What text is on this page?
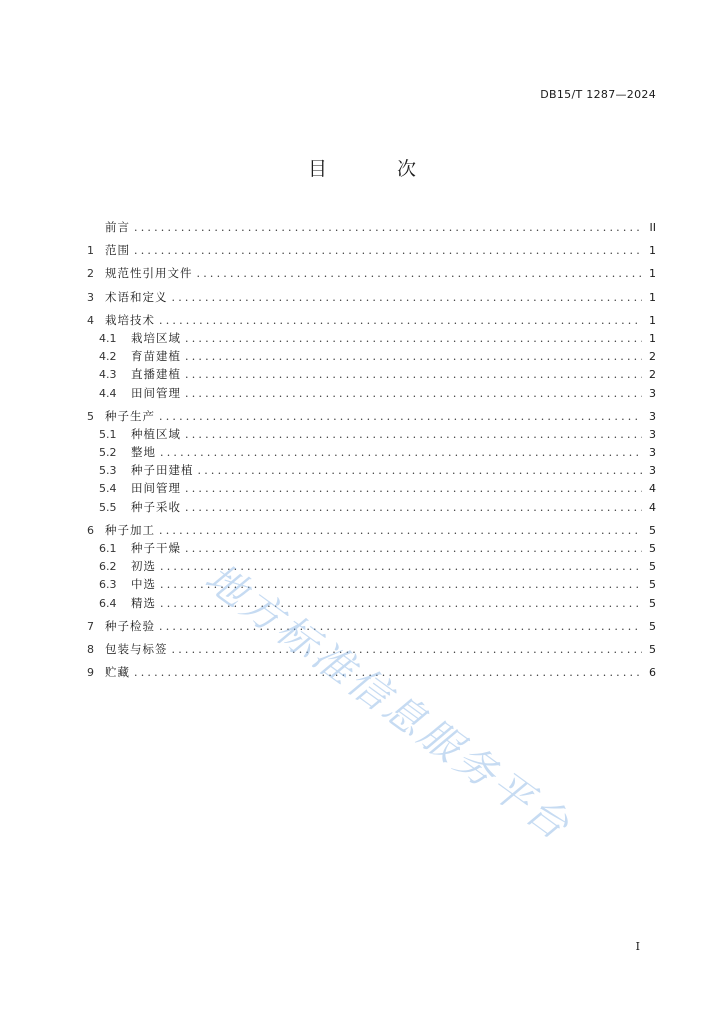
DB15/T 1287—2024
目 次
前言 .....	II
1 范围 .....	1
2 规范性引用文件 .....	1
3 术语和定义 .....	1
4 栽培技术 .....	1
4.1	栽培区域 .....	1
4.2	育苗建植 .....	2
4.3	直播建植 .....	2
4.4	田间管理 .....	3
5 种子生产 .....	3
5.1	种植区域 .....	3
5.2	整地 .....	3
5.3	种子田建植 .....	3
5.4	田间管理 .....	4
5.5	种子采收 .....	4
6 种子加工 .....	5
6.1	种子干燥 .....	5
6.2	初选 .....	5
6.3	中选 .....	5
6.4	精选 .....	5
7 种子检验 .....	5
8 包装与标签 .....	5
9 贮藏 .....	6
地方标准信息服务平台
I
